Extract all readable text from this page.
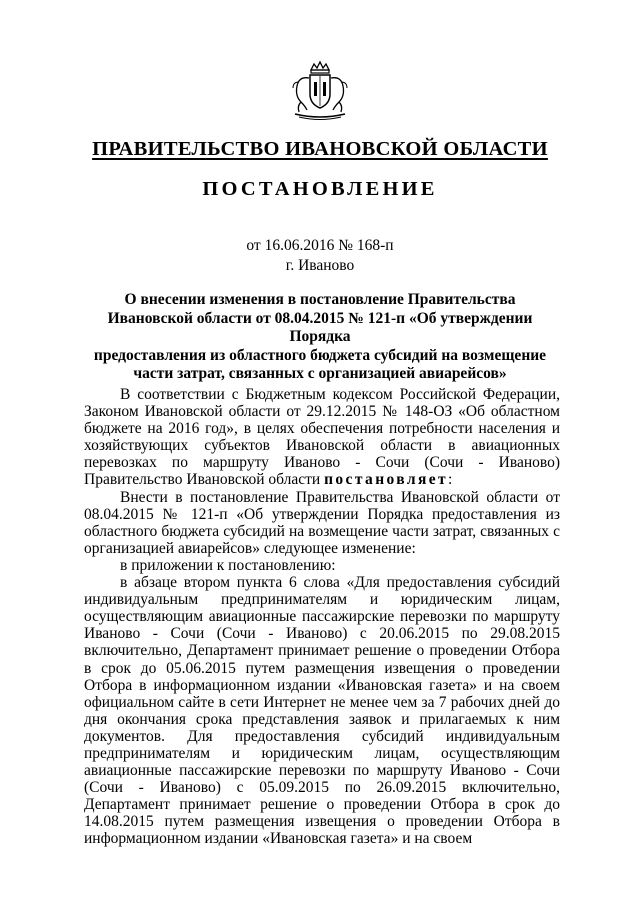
ПРАВИТЕЛЬСТВО ИВАНОВСКОЙ ОБЛАСТИ
ПОСТАНОВЛЕНИЕ
от 16.06.2016 № 168-п
г. Иваново
О внесении изменения в постановление Правительства
Ивановской области от 08.04.2015 № 121-п «Об утверждении Порядка
предоставления из областного бюджета субсидий на возмещение
части затрат, связанных с организацией авиарейсов»

В соответствии с Бюджетным кодексом Российской Федерации, Законом Ивановской области от 29.12.2015 № 148-ОЗ «Об областном бюджете на 2016 год», в целях обеспечения потребности населения и хозяйствующих субъектов Ивановской области в авиационных перевозках по маршруту Иваново - Сочи (Сочи - Иваново) Правительство Ивановской области постановляет:

Внести в постановление Правительства Ивановской области от 08.04.2015 № 121-п «Об утверждении Порядка предоставления из областного бюджета субсидий на возмещение части затрат, связанных с организацией авиарейсов» следующее изменение:

в приложении к постановлению:

в абзаце втором пункта 6 слова «Для предоставления субсидий индивидуальным предпринимателям и юридическим лицам, осуществляющим авиационные пассажирские перевозки по маршруту Иваново - Сочи (Сочи - Иваново) с 20.06.2015 по 29.08.2015 включительно, Департамент принимает решение о проведении Отбора в срок до 05.06.2015 путем размещения извещения о проведении Отбора в информационном издании «Ивановская газета» и на своем официальном сайте в сети Интернет не менее чем за 7 рабочих дней до дня окончания срока представления заявок и прилагаемых к ним документов. Для предоставления субсидий индивидуальным предпринимателям и юридическим лицам, осуществляющим авиационные пассажирские перевозки по маршруту Иваново - Сочи (Сочи - Иваново) с 05.09.2015 по 26.09.2015 включительно, Департамент принимает решение о проведении Отбора в срок до 14.08.2015 путем размещения извещения о проведении Отбора в информационном издании «Ивановская газета» и на своем
